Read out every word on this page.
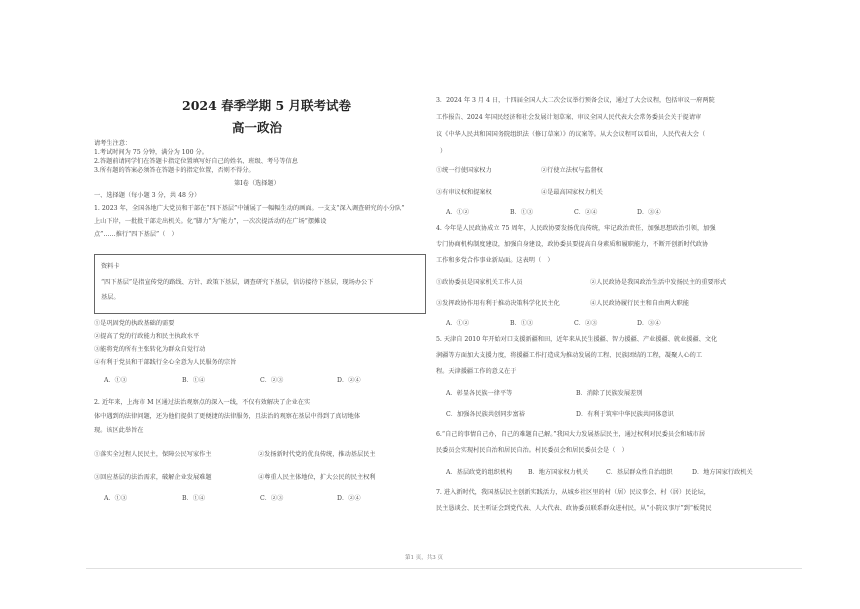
2024 春季学期 5 月联考试卷
高一政治
请考生注意：
1.考试时间为 75 分钟，满分为 100 分。
2.答题前请同学们在答题卡指定位置填写好自己的姓名、班级、考号等信息
3.所有题的答案必须答在答题卡的指定位置，否则不得分。
第Ⅰ卷（选择题）
一、选择题（每小题 3 分，共 48 分）
1. 2023 年，全国各地广大党员和干部在“四下基层”中铺展了一幅幅生动的画面。一支支“深入调查研究的小分队”
上山下岸，一批批干部走出机关。化“脚力”为“能力”，一次次提活动的在广场“摆摊设
点”……推行“四下基层”（　）
资料卡
“四下基层”是指宣传党的路线、方针、政策下基层，调查研究下基层，信访接待下基层，现场办公下
基层。
①是巩固党的执政基础的需要
②提高了党的行政能力和民主执政水平
③能将党的所有主张转化为群众自觉行动
④有利于党员和干部践行全心全意为人民服务的宗旨
A．①③	B．①④	C．②③	D．②④
2. 近年来，上海市 M 区通过法治观察点的深入一线，不仅有效解决了企业在实
体中遇到的法律问题，还为他们提供了更便捷的法律服务，且法治的观察在基层中得到了真切地体
现。该区此举旨在
①落实全过程人民民主，保障公民写家作主	②发扬新时代党的优良传统，推动基层民主
③回应基层的法治需求，破解企业发展难题	④尊重人民主体地位，扩大公民的民主权利
A．①③	B．①④	C．②③	D．②④
3．2024 年 3 月 4 日，十四届全国人大二次会议举行预备会议，通过了大会议程，包括审议一府两院
工作报告、2024 年国民经济和社会发展计划草案、审议全国人民代表大会常务委员会关于提请审
议《中华人民共和国国务院组织法（修订草案）》的议案等。从大会议程可以看出，人民代表大会（
）
①统一行使国家权力	②行使立法权与监督权
③有审议权和提案权	④是最高国家权力机关
A．①②	B．①③	C．②④	D．③④
4. 今年是人民政协成立 75 周年，人民政协要发扬优良传统，牢记政治责任，加强思想政治引领，加强
专门协商机构制度建设，加强自身建设，政协委员要提高自身素质和履职能力，不断开创新时代政协
工作和多党合作事业新局面。这表明（　）
①政协委员是国家机关工作人员	②人民政协是我国政治生活中发扬民主的重要形式
③发挥政协作用有利于推动决策科学化民主化	④人民政协履行民主和自由两大职能
A．①②	B．①③	C．②③	D．③④
5. 天津自 2010 年开始对口支援新疆和田，近年来从民生援疆、智力援疆、产业援疆、就业援疆、文化
润疆等方面加大支援力度，将援疆工作打造成为推动发展的工程、民族团结的工程，凝聚人心的工
程。天津援疆工作的意义在于
A．彰显各民族一律平等	B．消除了民族发展差别
C．加强各民族共创同步富裕	D．有利于筑牢中华民族共同体意识
6.“自己的事情自己办，自己的难题自己解。”我国大力发展基层民主，通过权利对民委员会和城市居
民委员会实现村民自治和居民自治。村民委员会和居民委员会是（　）
A．基层政党的组织机构	B．地方国家权力机关	C．基层群众性自治组织	D．地方国家行政机关
7. 进入新时代，我国基层民主创新实践活力，从城乡社区里的村（居）民议事会、村（居）民论坛，
民主恳谈会、民主听证会到党代表、人大代表、政协委员联系群众进村民，从“小院议事厅”到“板凳民
第1 页，共3 页
